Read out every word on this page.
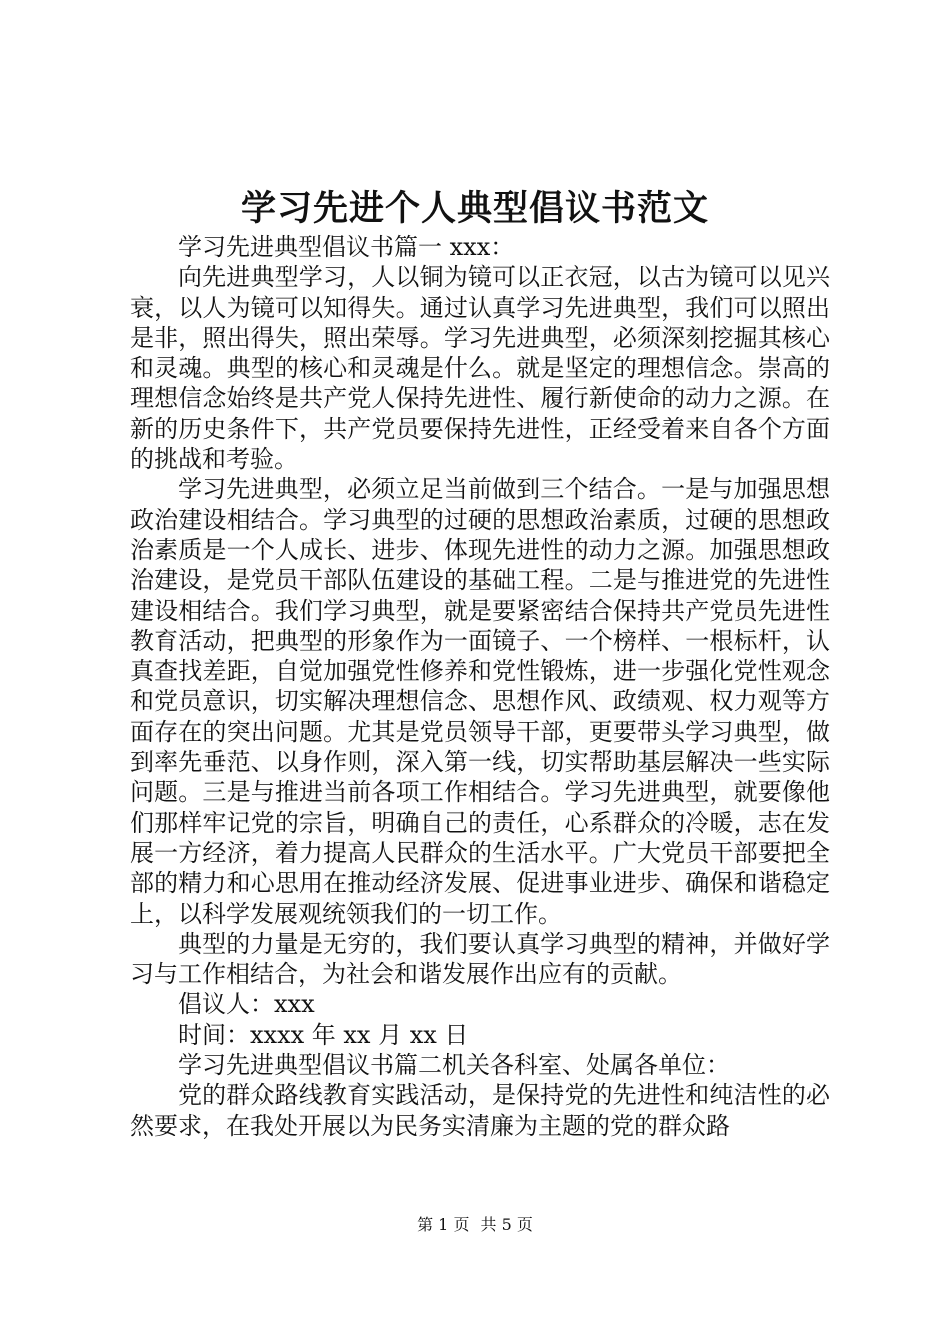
学习先进个人典型倡议书范文

学习先进典型倡议书篇一 xxx：

向先进典型学习，人以铜为镜可以正衣冠，以古为镜可以见兴衰，以人为镜可以知得失。通过认真学习先进典型，我们可以照出是非，照出得失，照出荣辱。学习先进典型，必须深刻挖掘其核心和灵魂。典型的核心和灵魂是什么。就是坚定的理想信念。崇高的理想信念始终是共产党人保持先进性、履行新使命的动力之源。在新的历史条件下，共产党员要保持先进性，正经受着来自各个方面的挑战和考验。

学习先进典型，必须立足当前做到三个结合。一是与加强思想政治建设相结合。学习典型的过硬的思想政治素质，过硬的思想政治素质是一个人成长、进步、体现先进性的动力之源。加强思想政治建设，是党员干部队伍建设的基础工程。二是与推进党的先进性建设相结合。我们学习典型，就是要紧密结合保持共产党员先进性教育活动，把典型的形象作为一面镜子、一个榜样、一根标杆，认真查找差距，自觉加强党性修养和党性锻炼，进一步强化党性观念和党员意识，切实解决理想信念、思想作风、政绩观、权力观等方面存在的突出问题。尤其是党员领导干部，更要带头学习典型，做到率先垂范、以身作则，深入第一线，切实帮助基层解决一些实际问题。三是与推进当前各项工作相结合。学习先进典型，就要像他们那样牢记党的宗旨，明确自己的责任，心系群众的冷暖，志在发展一方经济，着力提高人民群众的生活水平。广大党员干部要把全部的精力和心思用在推动经济发展、促进事业进步、确保和谐稳定上，以科学发展观统领我们的一切工作。

典型的力量是无穷的，我们要认真学习典型的精神，并做好学习与工作相结合，为社会和谐发展作出应有的贡献。

倡议人：xxx

时间：xxxx 年 xx 月 xx 日

学习先进典型倡议书篇二机关各科室、处属各单位：

党的群众路线教育实践活动，是保持党的先进性和纯洁性的必然要求，在我处开展以为民务实清廉为主题的党的群众路

第 1 页 共 5 页
